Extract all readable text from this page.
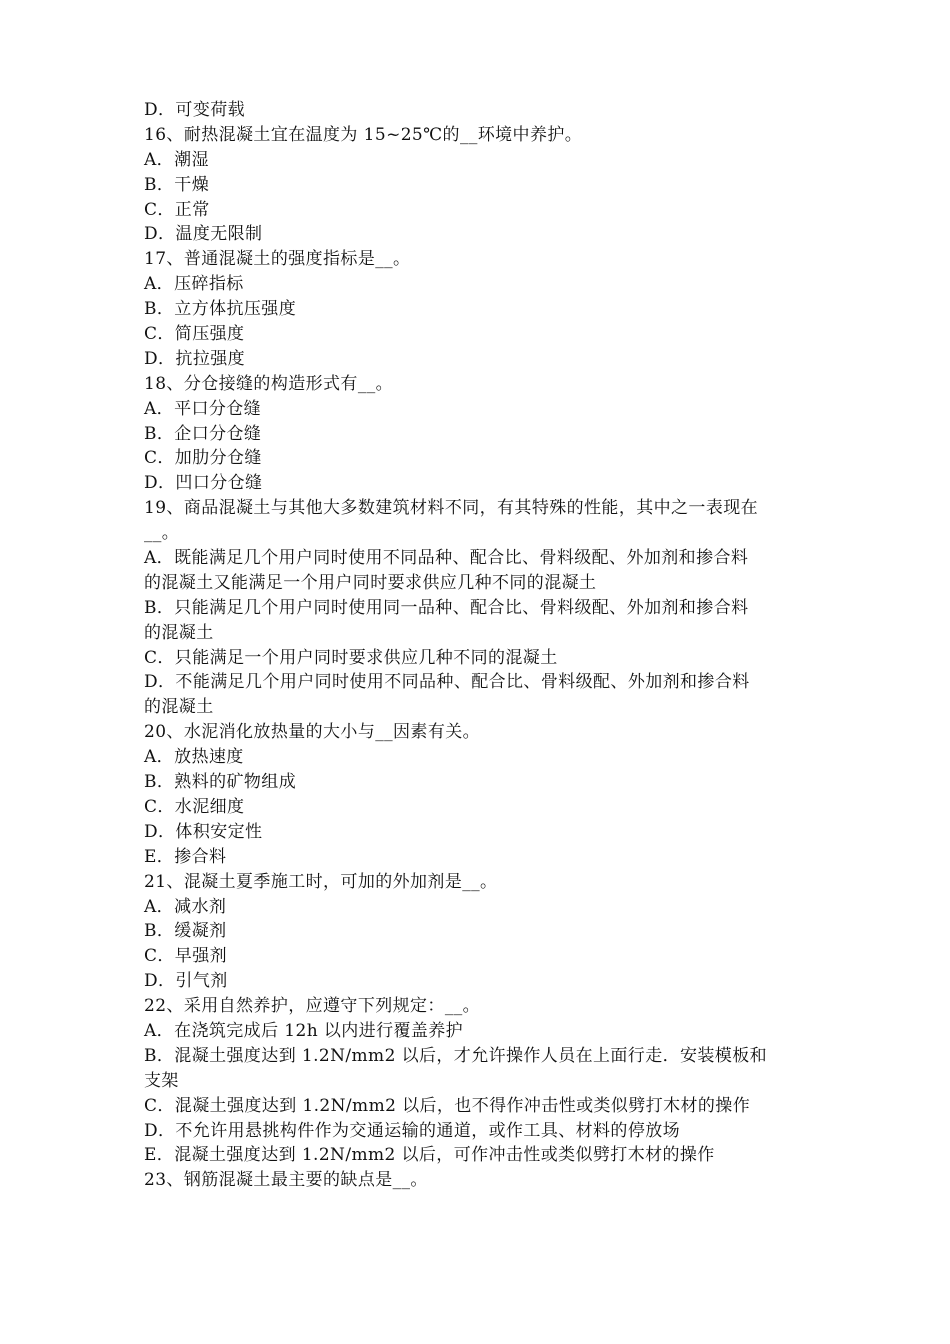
D．可变荷载
16、耐热混凝土宜在温度为 15~25℃的__环境中养护。
A．潮湿
B．干燥
C．正常
D．温度无限制
17、普通混凝土的强度指标是__。
A．压碎指标
B．立方体抗压强度
C．简压强度
D．抗拉强度
18、分仓接缝的构造形式有__。
A．平口分仓缝
B．企口分仓缝
C．加肋分仓缝
D．凹口分仓缝
19、商品混凝土与其他大多数建筑材料不同，有其特殊的性能，其中之一表现在
__。
A．既能满足几个用户同时使用不同品种、配合比、骨料级配、外加剂和掺合料
的混凝土又能满足一个用户同时要求供应几种不同的混凝土
B．只能满足几个用户同时使用同一品种、配合比、骨料级配、外加剂和掺合料
的混凝土
C．只能满足一个用户同时要求供应几种不同的混凝土
D．不能满足几个用户同时使用不同品种、配合比、骨料级配、外加剂和掺合料
的混凝土
20、水泥消化放热量的大小与__因素有关。
A．放热速度
B．熟料的矿物组成
C．水泥细度
D．体积安定性
E．掺合料
21、混凝土夏季施工时，可加的外加剂是__。
A．减水剂
B．缓凝剂
C．早强剂
D．引气剂
22、采用自然养护，应遵守下列规定：__。
A．在浇筑完成后 12h 以内进行覆盖养护
B．混凝土强度达到 1.2N/mm2 以后，才允许操作人员在上面行走．安装模板和
支架
C．混凝土强度达到 1.2N/mm2 以后，也不得作冲击性或类似劈打木材的操作
D．不允许用悬挑构件作为交通运输的通道，或作工具、材料的停放场
E．混凝土强度达到 1.2N/mm2 以后，可作冲击性或类似劈打木材的操作
23、钢筋混凝土最主要的缺点是__。
